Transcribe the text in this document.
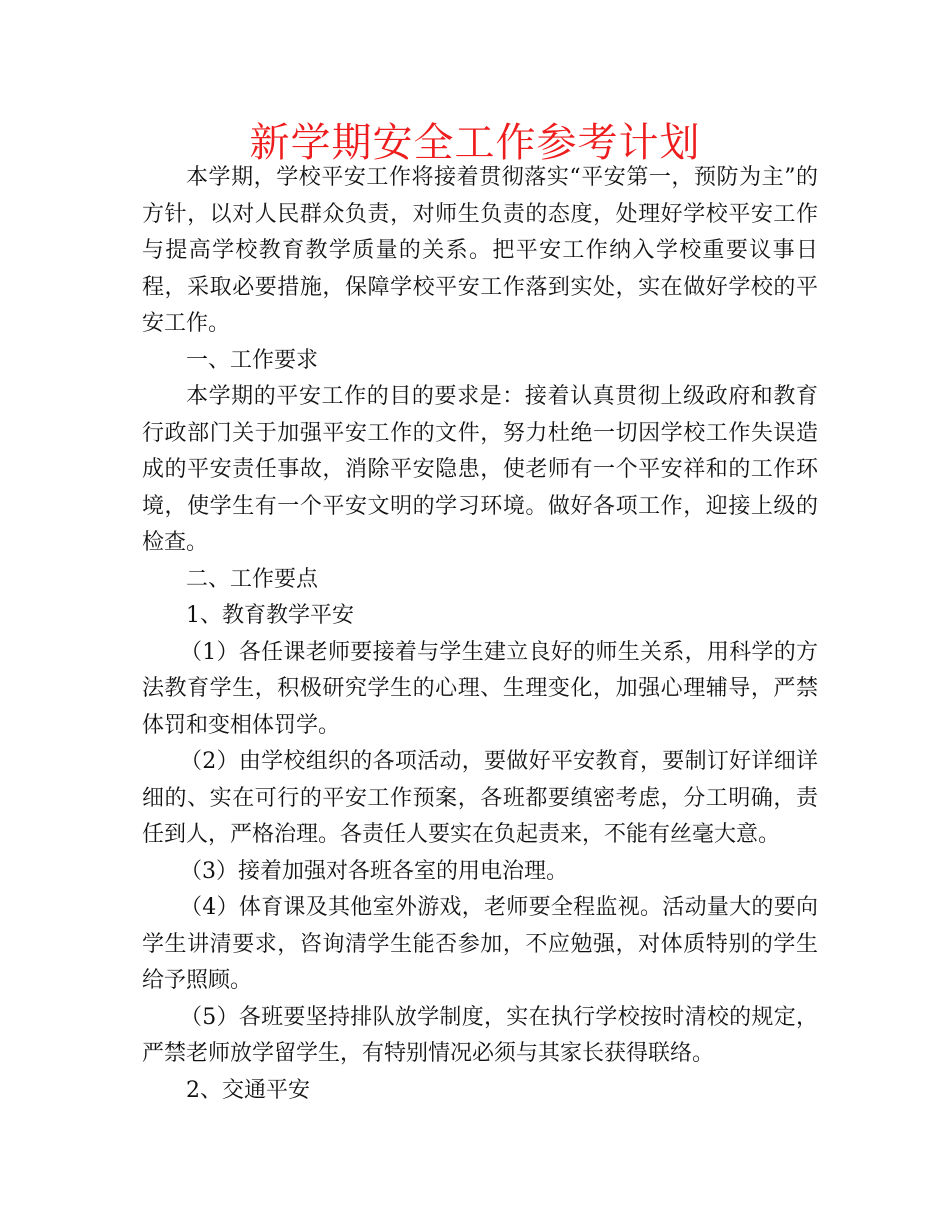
新学期安全工作参考计划

本学期，学校平安工作将接着贯彻落实“平安第一，预防为主”的方针，以对人民群众负责，对师生负责的态度，处理好学校平安工作与提高学校教育教学质量的关系。把平安工作纳入学校重要议事日程，采取必要措施，保障学校平安工作落到实处，实在做好学校的平安工作。

一、工作要求

本学期的平安工作的目的要求是：接着认真贯彻上级政府和教育行政部门关于加强平安工作的文件，努力杜绝一切因学校工作失误造成的平安责任事故，消除平安隐患，使老师有一个平安祥和的工作环境，使学生有一个平安文明的学习环境。做好各项工作，迎接上级的检查。

二、工作要点

1、教育教学平安

（1）各任课老师要接着与学生建立良好的师生关系，用科学的方法教育学生，积极研究学生的心理、生理变化，加强心理辅导，严禁体罚和变相体罚学。

（2）由学校组织的各项活动，要做好平安教育，要制订好详细详细的、实在可行的平安工作预案，各班都要缜密考虑，分工明确，责任到人，严格治理。各责任人要实在负起责来，不能有丝毫大意。

（3）接着加强对各班各室的用电治理。

（4）体育课及其他室外游戏，老师要全程监视。活动量大的要向学生讲清要求，咨询清学生能否参加，不应勉强，对体质特别的学生给予照顾。

（5）各班要坚持排队放学制度，实在执行学校按时清校的规定，严禁老师放学留学生，有特别情况必须与其家长获得联络。

2、交通平安
